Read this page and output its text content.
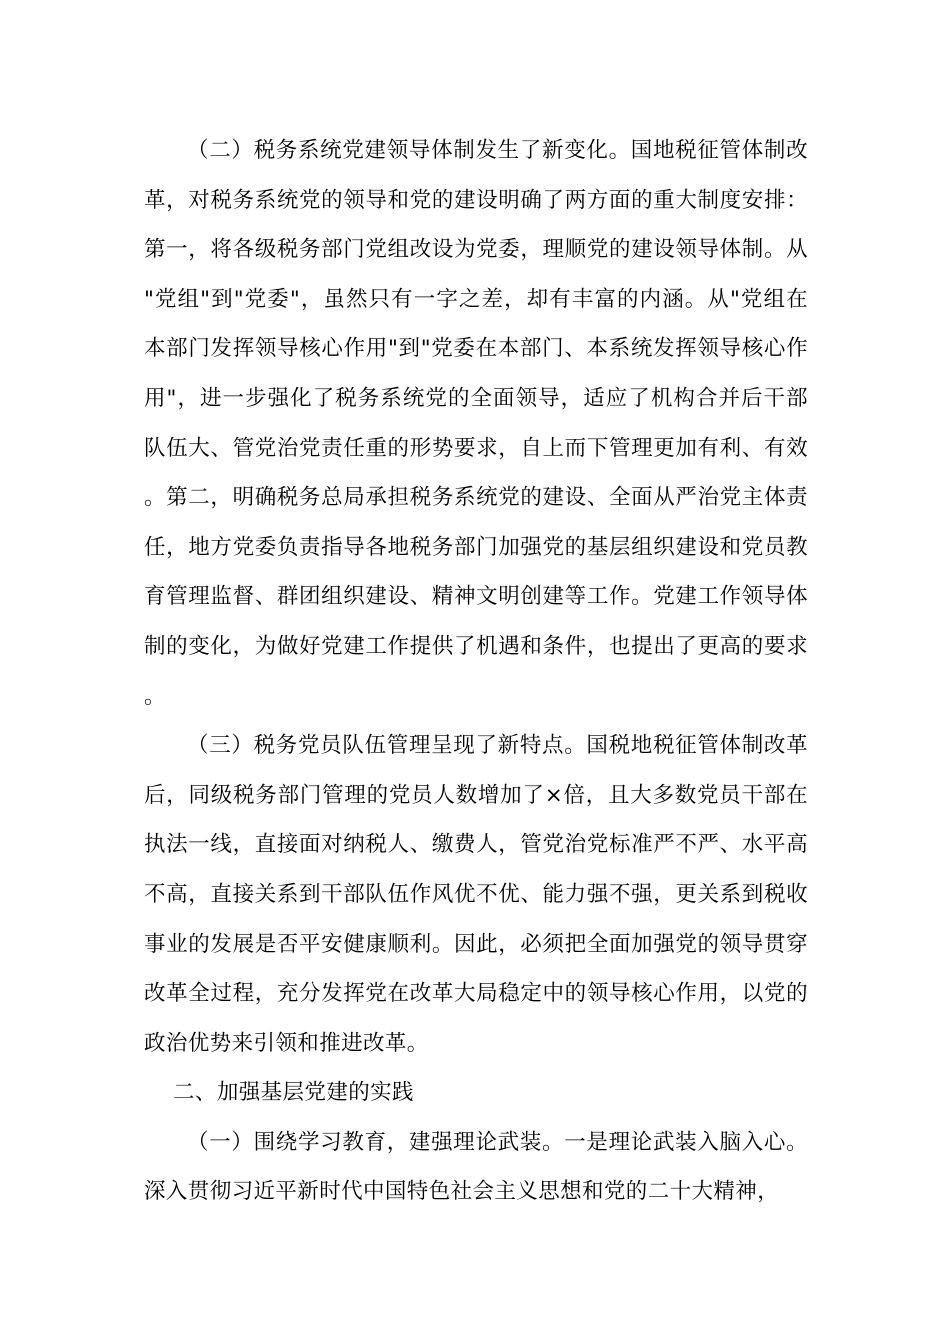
（二）税务系统党建领导体制发生了新变化。国地税征管体制改革，对税务系统党的领导和党的建设明确了两方面的重大制度安排：第一，将各级税务部门党组改设为党委，理顺党的建设领导体制。从"党组"到"党委"，虽然只有一字之差，却有丰富的内涵。从"党组在本部门发挥领导核心作用"到"党委在本部门、本系统发挥领导核心作用"，进一步强化了税务系统党的全面领导，适应了机构合并后干部队伍大、管党治党责任重的形势要求，自上而下管理更加有利、有效。第二，明确税务总局承担税务系统党的建设、全面从严治党主体责任，地方党委负责指导各地税务部门加强党的基层组织建设和党员教育管理监督、群团组织建设、精神文明创建等工作。党建工作领导体制的变化，为做好党建工作提供了机遇和条件，也提出了更高的要求。

（三）税务党员队伍管理呈现了新特点。国税地税征管体制改革后，同级税务部门管理的党员人数增加了×倍，且大多数党员干部在执法一线，直接面对纳税人、缴费人，管党治党标准严不严、水平高不高，直接关系到干部队伍作风优不优、能力强不强，更关系到税收事业的发展是否平安健康顺利。因此，必须把全面加强党的领导贯穿改革全过程，充分发挥党在改革大局稳定中的领导核心作用，以党的政治优势来引领和推进改革。

二、加强基层党建的实践

（一）围绕学习教育，建强理论武装。一是理论武装入脑入心。深入贯彻习近平新时代中国特色社会主义思想和党的二十大精神，
